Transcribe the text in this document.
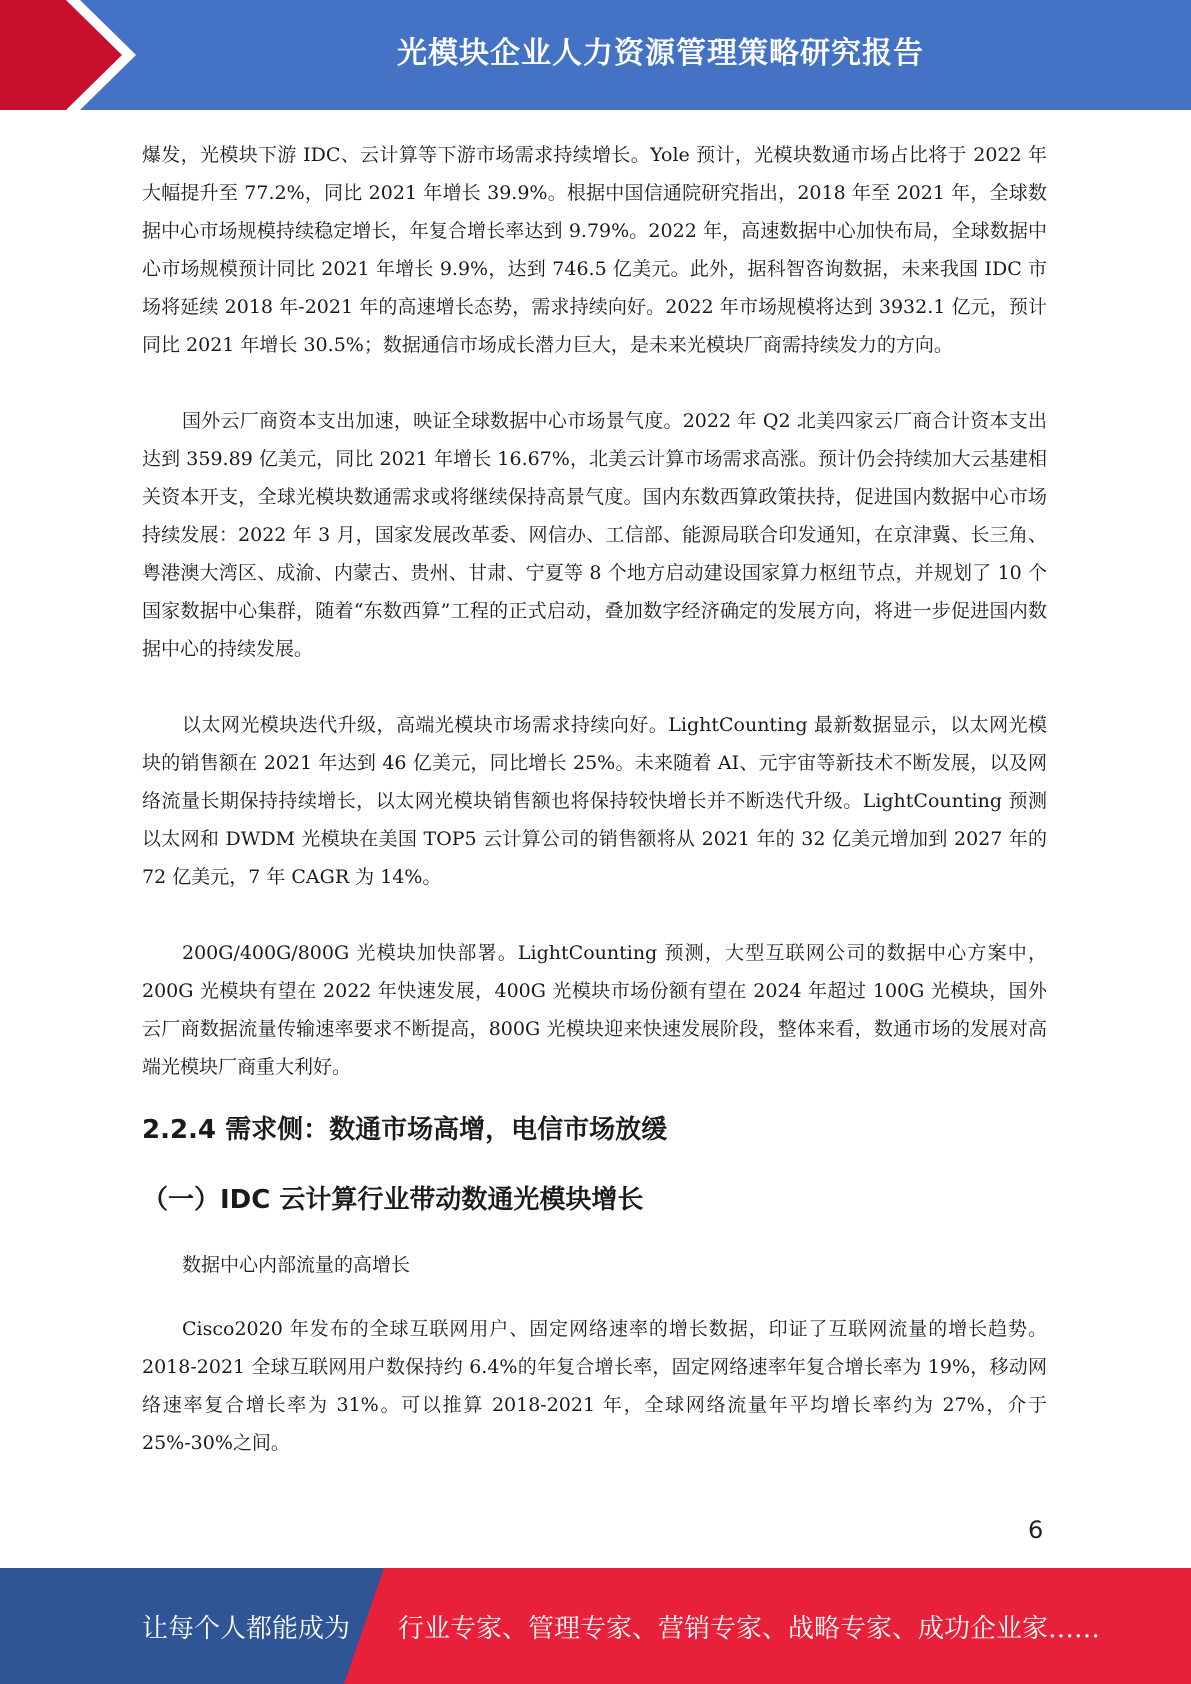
光模块企业人力资源管理策略研究报告

爆发，光模块下游 IDC、云计算等下游市场需求持续增长。Yole 预计，光模块数通市场占比将于 2022 年大幅提升至 77.2%，同比 2021 年增长 39.9%。根据中国信通院研究指出，2018 年至 2021 年，全球数据中心市场规模持续稳定增长，年复合增长率达到 9.79%。2022 年，高速数据中心加快布局，全球数据中心市场规模预计同比 2021 年增长 9.9%，达到 746.5 亿美元。此外，据科智咨询数据，未来我国 IDC 市场将延续 2018 年-2021 年的高速增长态势，需求持续向好。2022 年市场规模将达到 3932.1 亿元，预计同比 2021 年增长 30.5%；数据通信市场成长潜力巨大，是未来光模块厂商需持续发力的方向。

国外云厂商资本支出加速，映证全球数据中心市场景气度。2022 年 Q2 北美四家云厂商合计资本支出达到 359.89 亿美元，同比 2021 年增长 16.67%，北美云计算市场需求高涨。预计仍会持续加大云基建相关资本开支，全球光模块数通需求或将继续保持高景气度。国内东数西算政策扶持，促进国内数据中心市场持续发展：2022 年 3 月，国家发展改革委、网信办、工信部、能源局联合印发通知，在京津冀、长三角、粤港澳大湾区、成渝、内蒙古、贵州、甘肃、宁夏等 8 个地方启动建设国家算力枢纽节点，并规划了 10 个国家数据中心集群，随着“东数西算”工程的正式启动，叠加数字经济确定的发展方向，将进一步促进国内数据中心的持续发展。

以太网光模块迭代升级，高端光模块市场需求持续向好。LightCounting 最新数据显示，以太网光模块的销售额在 2021 年达到 46 亿美元，同比增长 25%。未来随着 AI、元宇宙等新技术不断发展，以及网络流量长期保持持续增长，以太网光模块销售额也将保持较快增长并不断迭代升级。LightCounting 预测以太网和 DWDM 光模块在美国 TOP5 云计算公司的销售额将从 2021 年的 32 亿美元增加到 2027 年的 72 亿美元，7 年 CAGR 为 14%。

200G/400G/800G 光模块加快部署。LightCounting 预测，大型互联网公司的数据中心方案中，200G 光模块有望在 2022 年快速发展，400G 光模块市场份额有望在 2024 年超过 100G 光模块，国外云厂商数据流量传输速率要求不断提高，800G 光模块迎来快速发展阶段，整体来看，数通市场的发展对高端光模块厂商重大利好。

2.2.4 需求侧：数通市场高增，电信市场放缓
（一）IDC 云计算行业带动数通光模块增长

数据中心内部流量的高增长

Cisco2020 年发布的全球互联网用户、固定网络速率的增长数据，印证了互联网流量的增长趋势。2018-2021 全球互联网用户数保持约 6.4%的年复合增长率，固定网络速率年复合增长率为 19%，移动网络速率复合增长率为 31%。可以推算 2018-2021 年，全球网络流量年平均增长率约为 27%，介于 25%-30%之间。

6
让每个人都能成为 行业专家、管理专家、营销专家、战略专家、成功企业家……
